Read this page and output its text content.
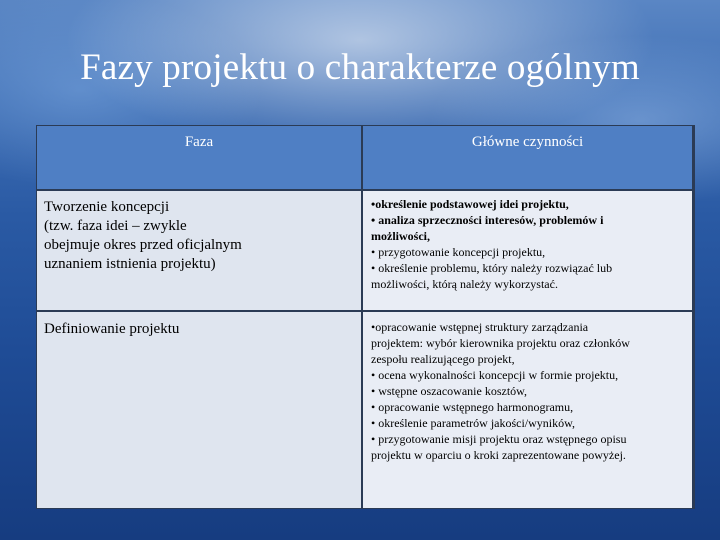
Fazy projektu o charakterze ogólnym
Faza	Główne czynności
Tworzenie koncepcji
(tzw. faza idei – zwykle
obejmuje okres przed oficjalnym
uznaniem istnienia projektu)
•określenie podstawowej idei projektu,
• analiza sprzeczności interesów, problemów i
możliwości,
• przygotowanie koncepcji projektu,
• określenie problemu, który należy rozwiązać lub
możliwości, którą należy wykorzystać.
Definiowanie projektu	•opracowanie wstępnej struktury zarządzania
projektem: wybór kierownika projektu oraz członków
zespołu realizującego projekt,
• ocena wykonalności koncepcji w formie projektu,
• wstępne oszacowanie kosztów,
• opracowanie wstępnego harmonogramu,
• określenie parametrów jakości/wyników,
• przygotowanie misji projektu oraz wstępnego opisu
projektu w oparciu o kroki zaprezentowane powyżej.
